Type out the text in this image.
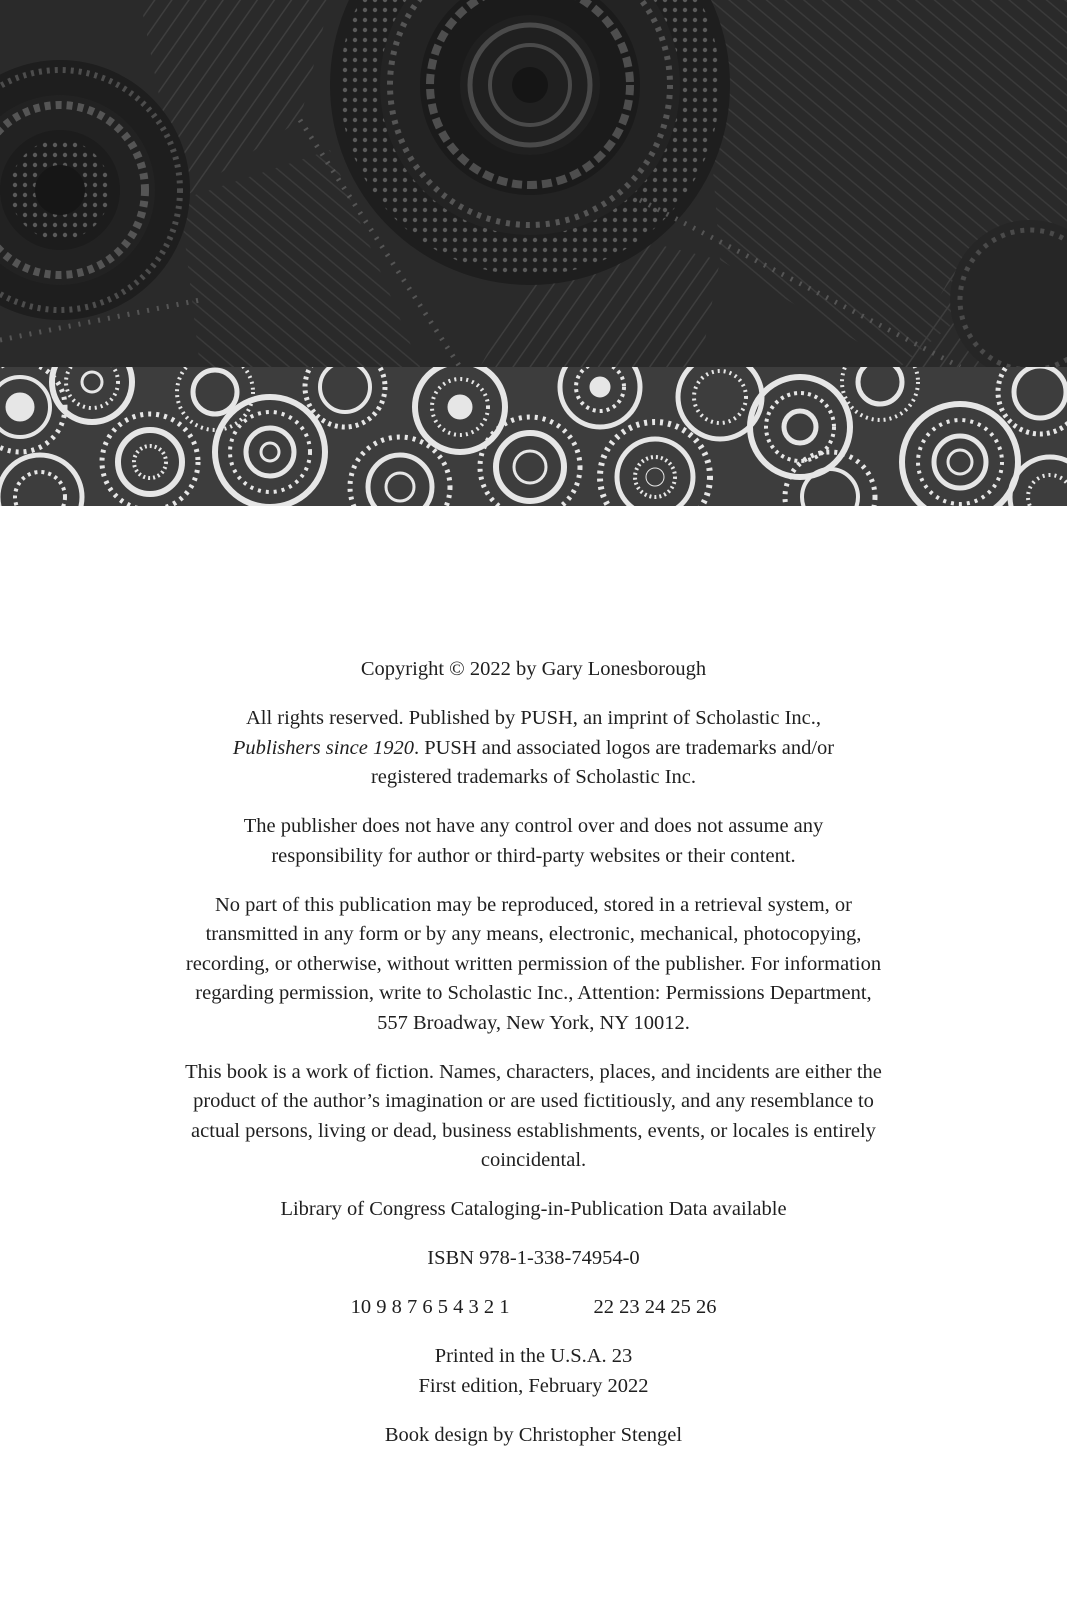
Copyright © 2022 by Gary Lonesborough

All rights reserved. Published by PUSH, an imprint of Scholastic Inc., Publishers since 1920. PUSH and associated logos are trademarks and/or registered trademarks of Scholastic Inc.

The publisher does not have any control over and does not assume any responsibility for author or third-party websites or their content.

No part of this publication may be reproduced, stored in a retrieval system, or transmitted in any form or by any means, electronic, mechanical, photocopying, recording, or otherwise, without written permission of the publisher. For information regarding permission, write to Scholastic Inc., Attention: Permissions Department, 557 Broadway, New York, NY 10012.

This book is a work of fiction. Names, characters, places, and incidents are either the product of the author’s imagination or are used fictitiously, and any resemblance to actual persons, living or dead, business establishments, events, or locales is entirely coincidental.

Library of Congress Cataloging-in-Publication Data available

ISBN 978-1-338-74954-0

10 9 8 7 6 5 4 3 2 1	22 23 24 25 26

Printed in the U.S.A. 23
First edition, February 2022

Book design by Christopher Stengel
